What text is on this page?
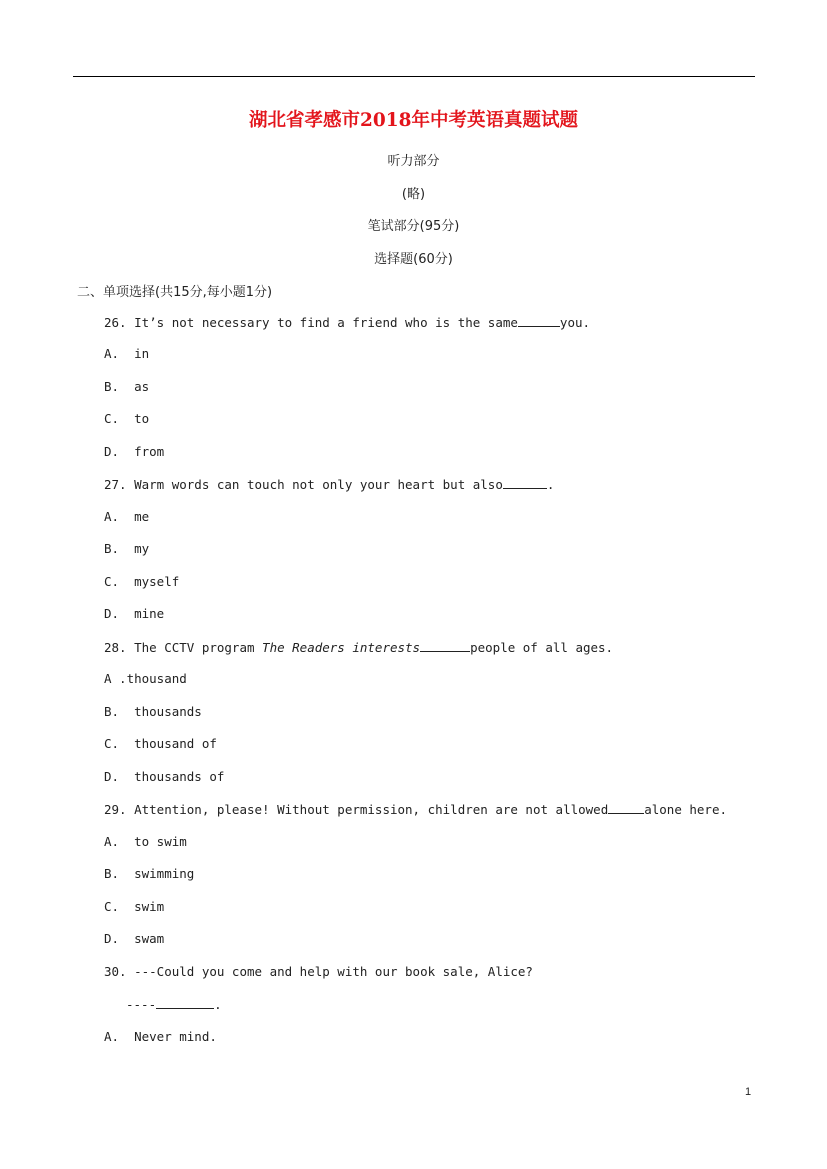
湖北省孝感市2018年中考英语真题试题
听力部分
(略)
笔试部分(95分)
选择题(60分)
二、单项选择(共15分,每小题1分)
26. It’s not necessary to find a friend who is the same	you.
A.  in
B.  as
C.  to
D.  from
27. Warm words can touch not only your heart but also	.
A.  me
B.  my
C.  myself
D.  mine
28. The CCTV program The Readers interests	people of all ages.
A .thousand
B.  thousands
C.  thousand of
D.  thousands of
29. Attention, please! Without permission, children are not allowed	alone here.
A.  to swim
B.  swimming
C.  swim
D.  swam
30. ---Could you come and help with our book sale, Alice?
----	.
A.  Never mind.
1
